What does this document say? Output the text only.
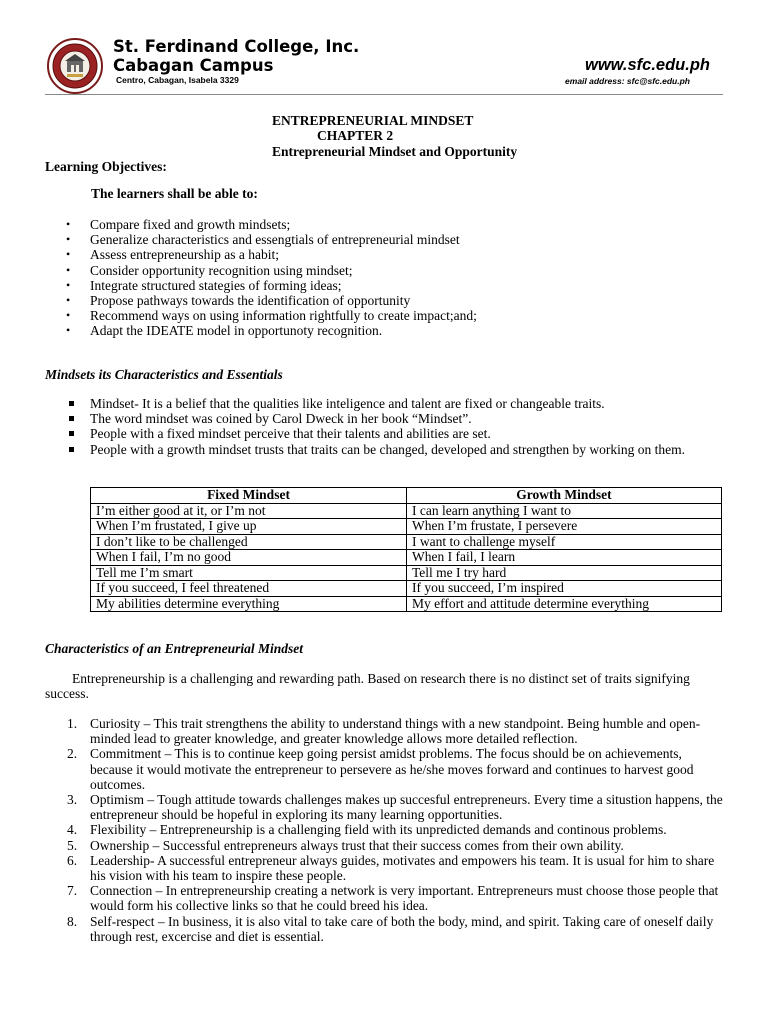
St. Ferdinand College, Inc.
Cabagan Campus
Centro, Cabagan, Isabela 3329
www.sfc.edu.ph
email address: sfc@sfc.edu.ph
ENTREPRENEURIAL MINDSET
CHAPTER 2
Entrepreneurial Mindset and Opportunity
Learning Objectives:
The learners shall be able to:
• Compare fixed and growth mindsets;
• Generalize characteristics and essengtials of entrepreneurial mindset
• Assess entrepreneurship as a habit;
• Consider opportunity recognition using mindset;
• Integrate structured stategies of forming ideas;
• Propose pathways towards the identification of opportunity
• Recommend ways on using information rightfully to create impact;and;
• Adapt the IDEATE model in opportunoty recognition.
Mindsets its Characteristics and Essentials
Mindset- It is a belief that the qualities like inteligence and talent are fixed or changeable traits.
The word mindset was coined by Carol Dweck in her book “Mindset”.
People with a fixed mindset perceive that their talents and abilities are set.
People with a growth mindset trusts that traits can be changed, developed and strengthen by working on them.
Fixed Mindset	Growth Mindset
I’m either good at it, or I’m not	I can learn anything I want to
When I’m frustated, I give up	When I’m frustate, I persevere
I don’t like to be challenged	I want to challenge myself
When I fail, I’m no good	When I fail, I learn
Tell me I’m smart	Tell me I try hard
If you succeed, I feel threatened	If you succeed, I’m inspired
My abilities determine everything	My effort and attitude determine everything
Characteristics of an Entrepreneurial Mindset
Entrepreneurship is a challenging and rewarding path. Based on research there is no distinct set of traits signifying success.
1. Curiosity – This trait strengthens the ability to understand things with a new standpoint. Being humble and open-minded lead to greater knowledge, and greater knowledge allows more detailed reflection.
2. Commitment – This is to continue keep going persist amidst problems. The focus should be on achievements, because it would motivate the entrepreneur to persevere as he/she moves forward and continues to harvest good outcomes.
3. Optimism – Tough attitude towards challenges makes up succesful entrepreneurs. Every time a situstion happens, the entrepreneur should be hopeful in exploring its many learning opportunities.
4. Flexibility – Entrepreneurship is a challenging field with its unpredicted demands and continous problems.
5. Ownership – Successful entrepreneurs always trust that their success comes from their own ability.
6. Leadership- A successful entrepreneur always guides, motivates and empowers his team. It is usual for him to share his vision with his team to inspire these people.
7. Connection – In entrepreneurship creating a network is very important. Entrepreneurs must choose those people that would form his collective links so that he could breed his idea.
8. Self-respect – In business, it is also vital to take care of both the body, mind, and spirit. Taking care of oneself daily through rest, excercise and diet is essential.
